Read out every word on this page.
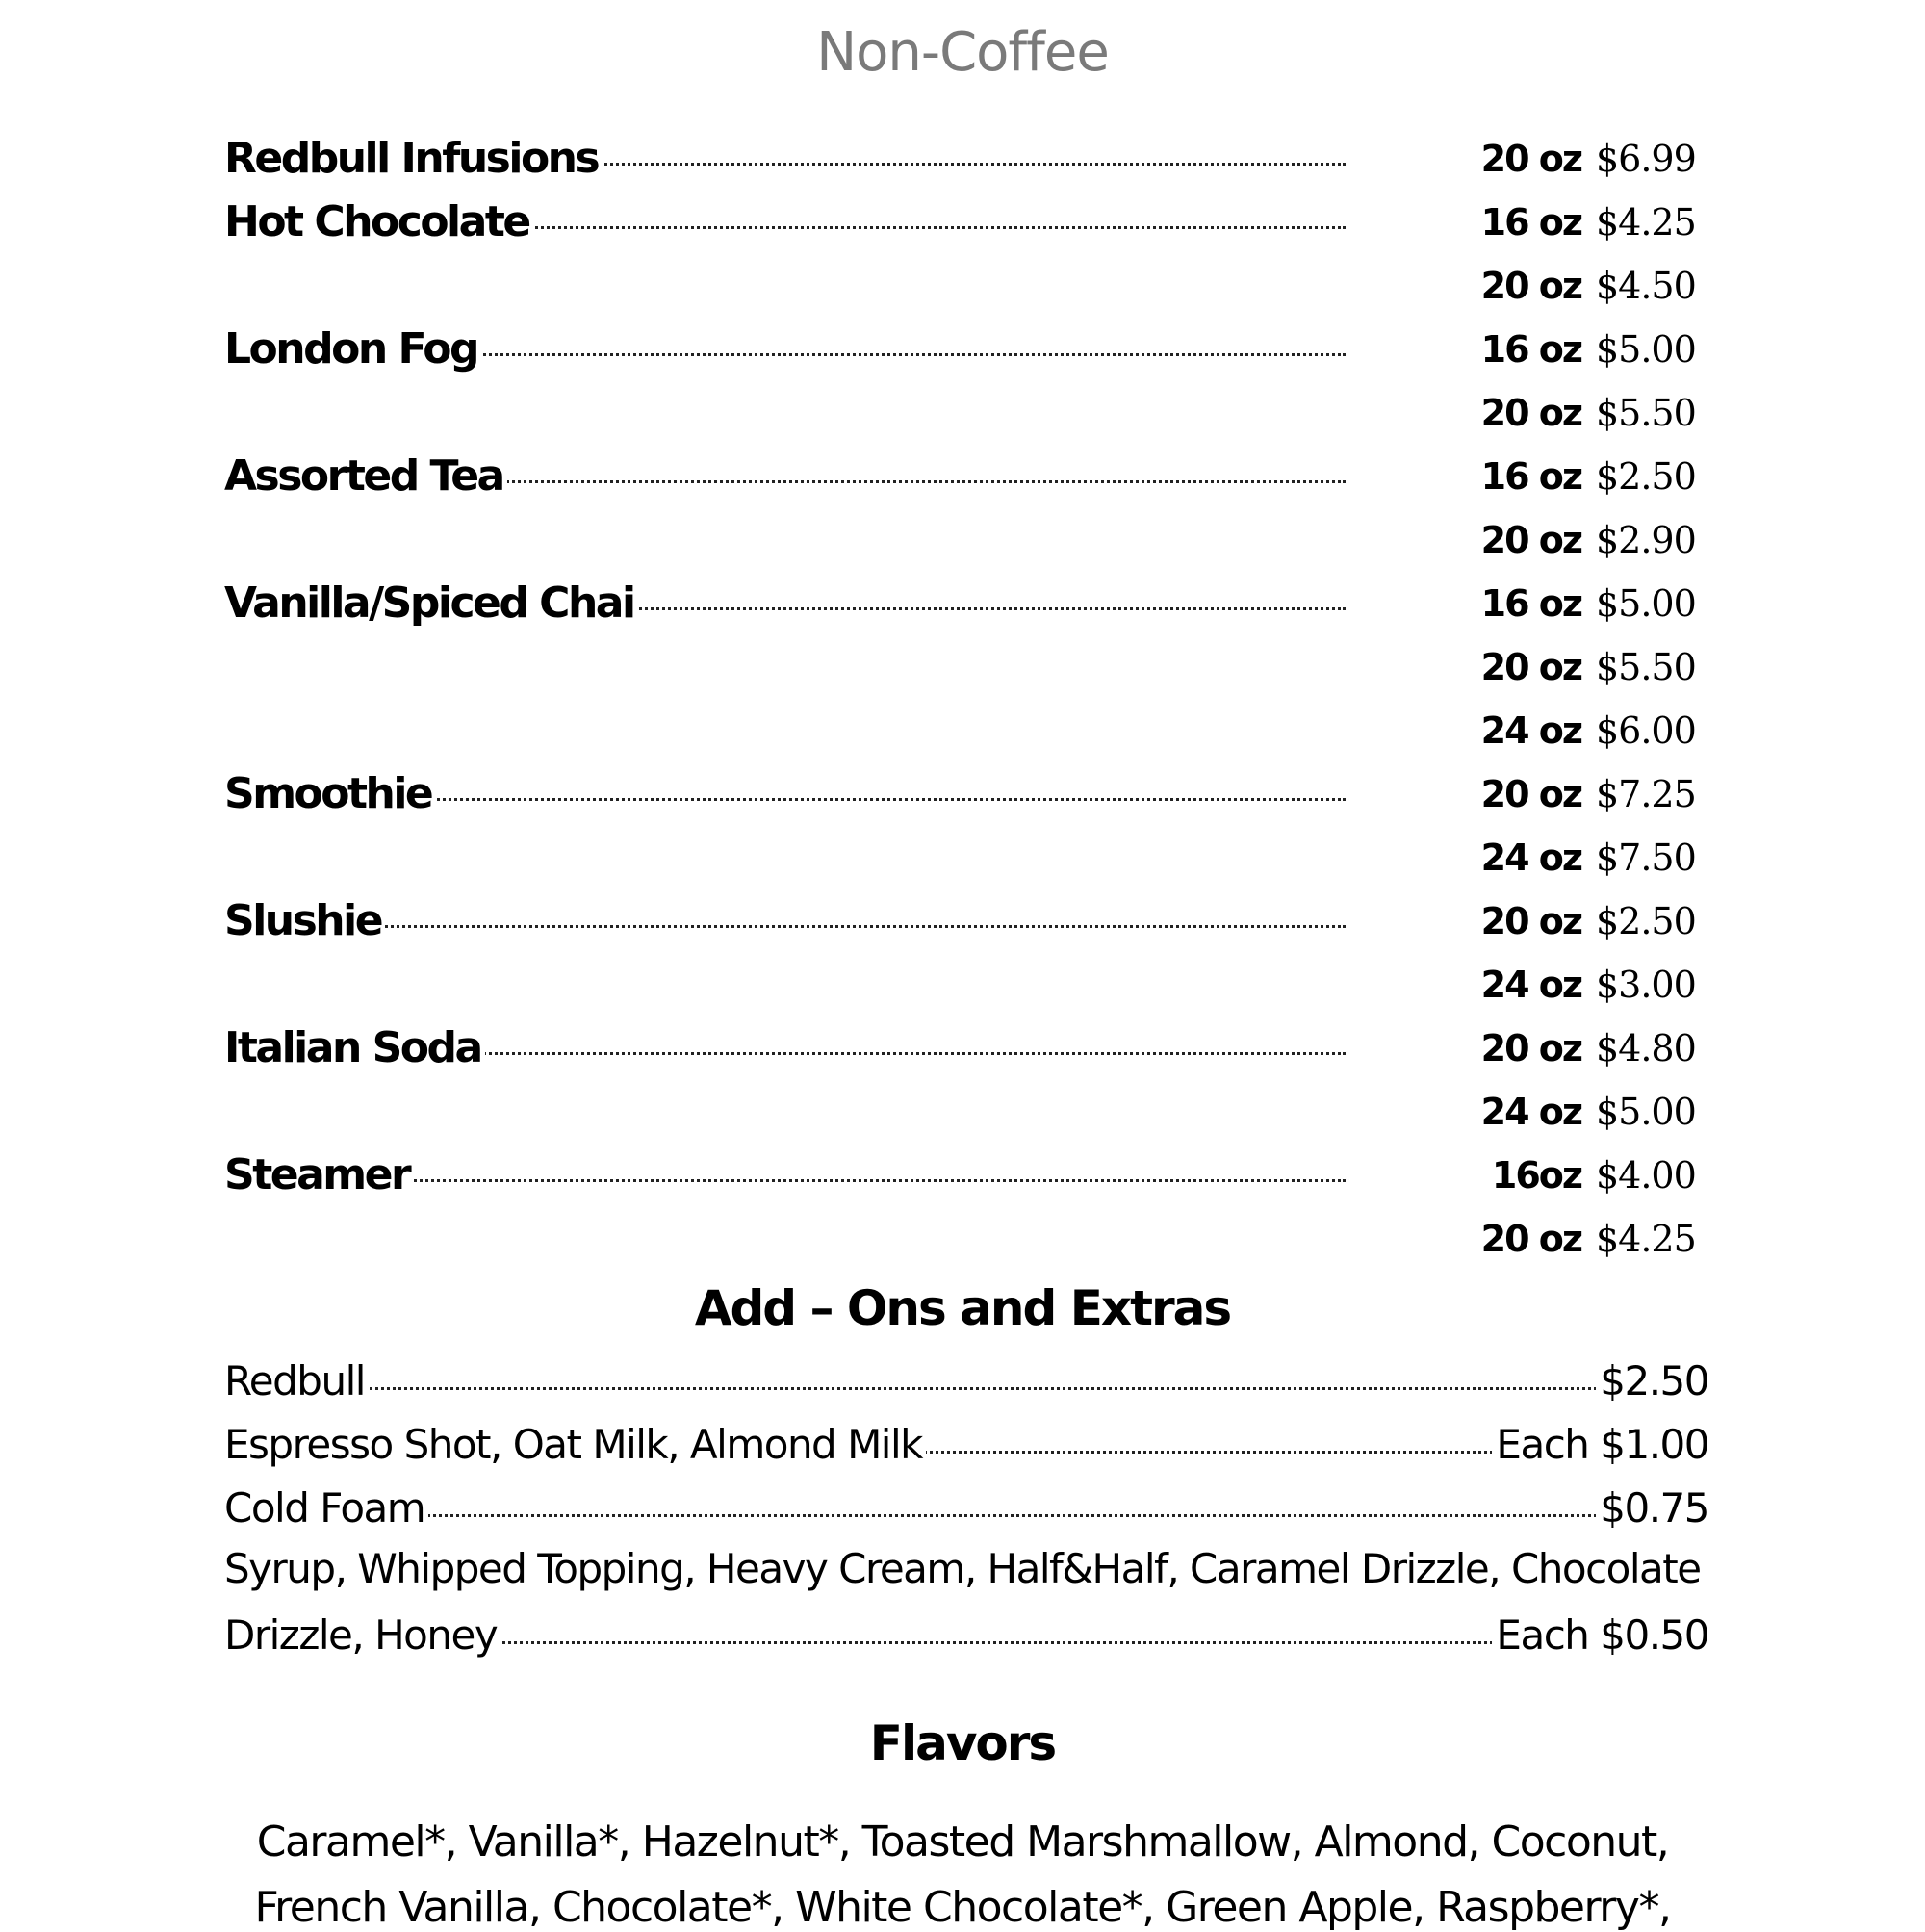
Non-Coffee
Redbull Infusions	20 oz $6.99
Hot Chocolate	16 oz $4.25
20 oz $4.50
London Fog	16 oz $5.00
20 oz $5.50
Assorted Tea	16 oz $2.50
20 oz $2.90
Vanilla/Spiced Chai	16 oz $5.00
20 oz $5.50
24 oz $6.00
Smoothie	20 oz $7.25
24 oz $7.50
Slushie	20 oz $2.50
24 oz $3.00
Italian Soda	20 oz $4.80
24 oz $5.00
Steamer	16oz $4.00
20 oz $4.25
Add – Ons and Extras
Redbull	$2.50
Espresso Shot, Oat Milk, Almond Milk	Each $1.00
Cold Foam	$0.75
Syrup, Whipped Topping, Heavy Cream, Half&Half, Caramel Drizzle, Chocolate
Drizzle, Honey	Each $0.50
Flavors
Caramel*, Vanilla*, Hazelnut*, Toasted Marshmallow, Almond, Coconut,
French Vanilla, Chocolate*, White Chocolate*, Green Apple, Raspberry*,
